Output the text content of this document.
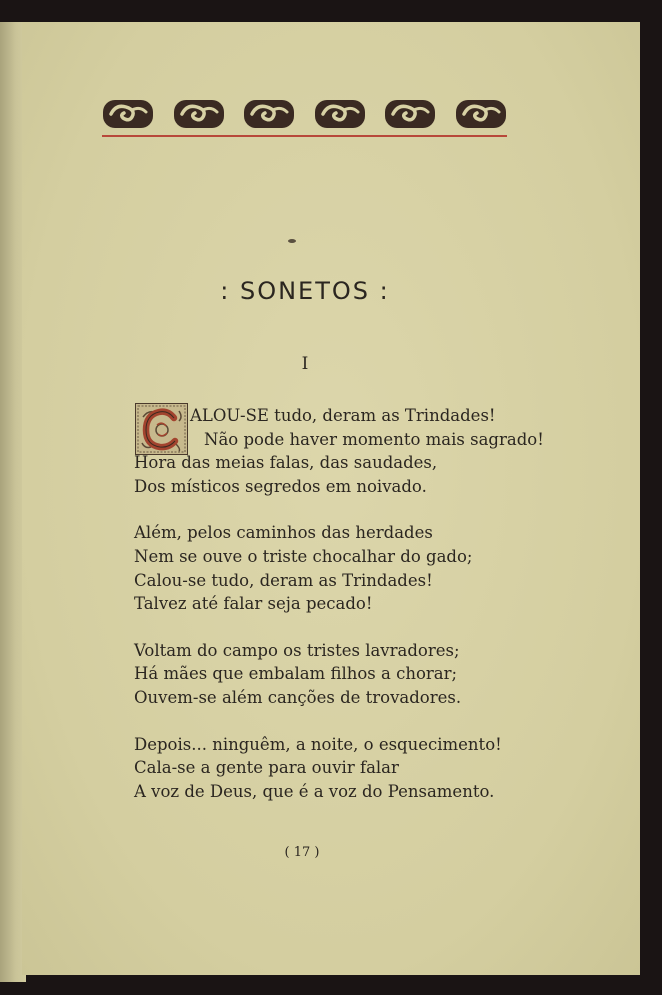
: SONETOS :
I
ALOU-SE tudo, deram as Trindades!
Não pode haver momento mais sagrado!
Hora das meias falas, das saudades,
Dos místicos segredos em noivado.
Além, pelos caminhos das herdades
Nem se ouve o triste chocalhar do gado;
Calou-se tudo, deram as Trindades!
Talvez até falar seja pecado!
Voltam do campo os tristes lavradores;
Há mães que embalam filhos a chorar;
Ouvem-se além canções de trovadores.
Depois... ninguêm, a noite, o esquecimento!
Cala-se a gente para ouvir falar
A voz de Deus, que é a voz do Pensamento.
( 17 )
